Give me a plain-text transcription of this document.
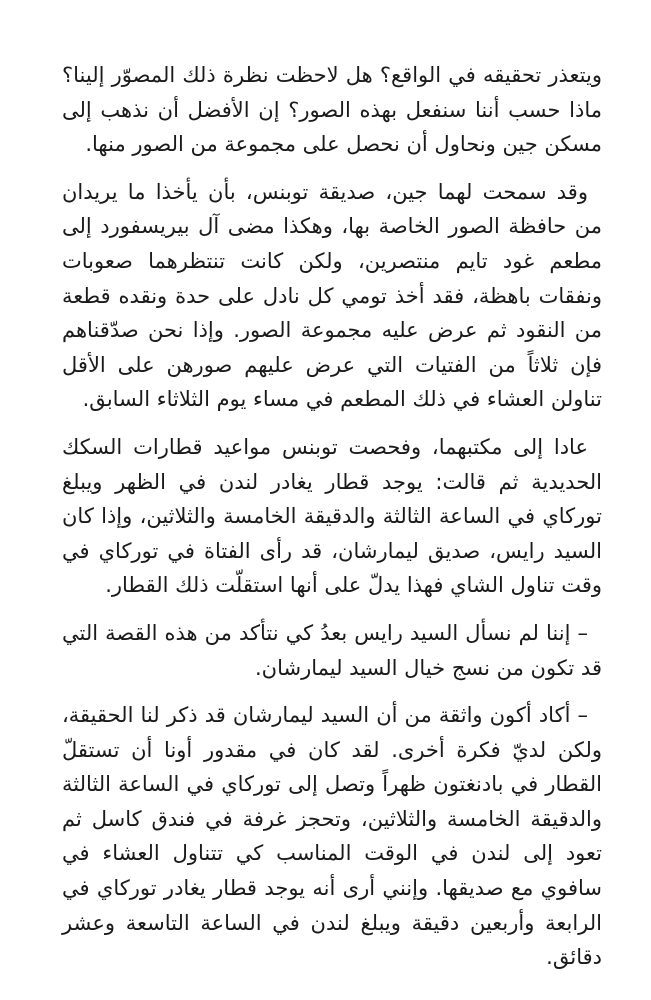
ويتعذر تحقيقه في الواقع؟ هل لاحظت نظرة ذلك المصوّر إلينا؟ ماذا حسب أننا سنفعل بهذه الصور؟ إن الأفضل أن نذهب إلى مسكن جين ونحاول أن نحصل على مجموعة من الصور منها.

وقد سمحت لهما جين، صديقة توبنس، بأن يأخذا ما يريدان من حافظة الصور الخاصة بها، وهكذا مضى آل بيريسفورد إلى مطعم غود تايم منتصرين، ولكن كانت تنتظرهما صعوبات ونفقات باهظة، فقد أخذ تومي كل نادل على حدة ونقده قطعة من النقود ثم عرض عليه مجموعة الصور. وإذا نحن صدّقناهم فإن ثلاثاً من الفتيات التي عرض عليهم صورهن على الأقل تناولن العشاء في ذلك المطعم في مساء يوم الثلاثاء السابق.

عادا إلى مكتبهما، وفحصت توبنس مواعيد قطارات السكك الحديدية ثم قالت: يوجد قطار يغادر لندن في الظهر ويبلغ توركاي في الساعة الثالثة والدقيقة الخامسة والثلاثين، وإذا كان السيد رايس، صديق ليمارشان، قد رأى الفتاة في توركاي في وقت تناول الشاي فهذا يدلّ على أنها استقلّت ذلك القطار.

– إننا لم نسأل السيد رايس بعدُ كي نتأكد من هذه القصة التي قد تكون من نسج خيال السيد ليمارشان.

– أكاد أكون واثقة من أن السيد ليمارشان قد ذكر لنا الحقيقة، ولكن لديّ فكرة أخرى. لقد كان في مقدور أونا أن تستقلّ القطار في بادنغتون ظهراً وتصل إلى توركاي في الساعة الثالثة والدقيقة الخامسة والثلاثين، وتحجز غرفة في فندق كاسل ثم تعود إلى لندن في الوقت المناسب كي تتناول العشاء في سافوي مع صديقها. وإنني أرى أنه يوجد قطار يغادر توركاي في الرابعة وأربعين دقيقة ويبلغ لندن في الساعة التاسعة وعشر دقائق.
